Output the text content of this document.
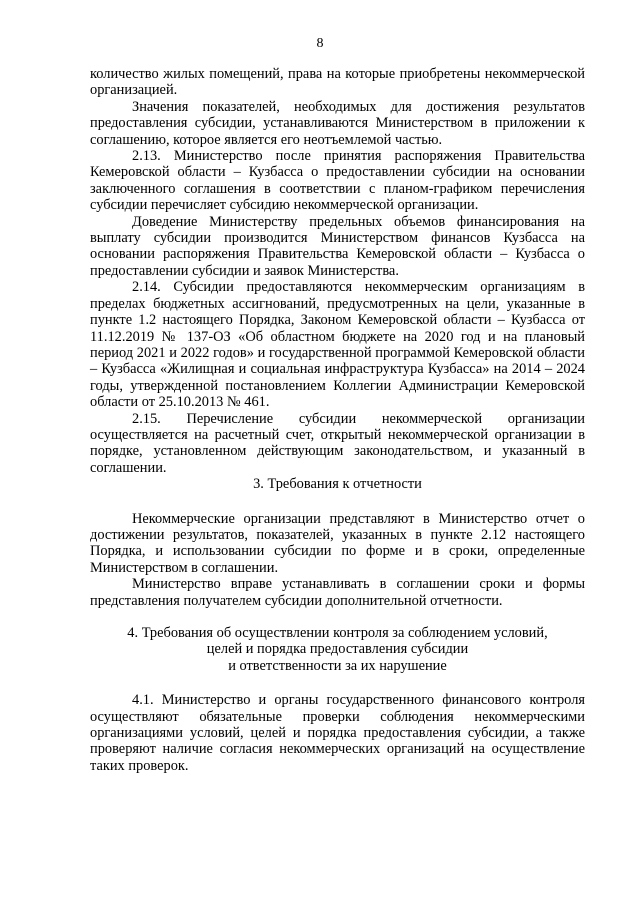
8

количество жилых помещений, права на которые приобретены некоммерческой организацией.

Значения показателей, необходимых для достижения результатов предоставления субсидии, устанавливаются Министерством в приложении к соглашению, которое является его неотъемлемой частью.

2.13. Министерство после принятия распоряжения Правительства Кемеровской области – Кузбасса о предоставлении субсидии на основании заключенного соглашения в соответствии с планом-графиком перечисления субсидии перечисляет субсидию некоммерческой организации.

Доведение Министерству предельных объемов финансирования на выплату субсидии производится Министерством финансов Кузбасса на основании распоряжения Правительства Кемеровской области – Кузбасса о предоставлении субсидии и заявок Министерства.

2.14. Субсидии предоставляются некоммерческим организациям в пределах бюджетных ассигнований, предусмотренных на цели, указанные в пункте 1.2 настоящего Порядка, Законом Кемеровской области – Кузбасса от 11.12.2019 № 137-ОЗ «Об областном бюджете на 2020 год и на плановый период 2021 и 2022 годов» и государственной программой Кемеровской области – Кузбасса «Жилищная и социальная инфраструктура Кузбасса» на 2014 – 2024 годы, утвержденной постановлением Коллегии Администрации Кемеровской области от 25.10.2013 № 461.

2.15. Перечисление субсидии некоммерческой организации осуществляется на расчетный счет, открытый некоммерческой организации в порядке, установленном действующим законодательством, и указанный в соглашении.

3. Требования к отчетности

Некоммерческие организации представляют в Министерство отчет о достижении результатов, показателей, указанных в пункте 2.12 настоящего Порядка, и использовании субсидии по форме и в сроки, определенные Министерством в соглашении.

Министерство вправе устанавливать в соглашении сроки и формы представления получателем субсидии дополнительной отчетности.

4. Требования об осуществлении контроля за соблюдением условий,

целей и порядка предоставления субсидии

и ответственности за их нарушение

4.1. Министерство и органы государственного финансового контроля осуществляют обязательные проверки соблюдения некоммерческими организациями условий, целей и порядка предоставления субсидии, а также проверяют наличие согласия некоммерческих организаций на осуществление таких проверок.
